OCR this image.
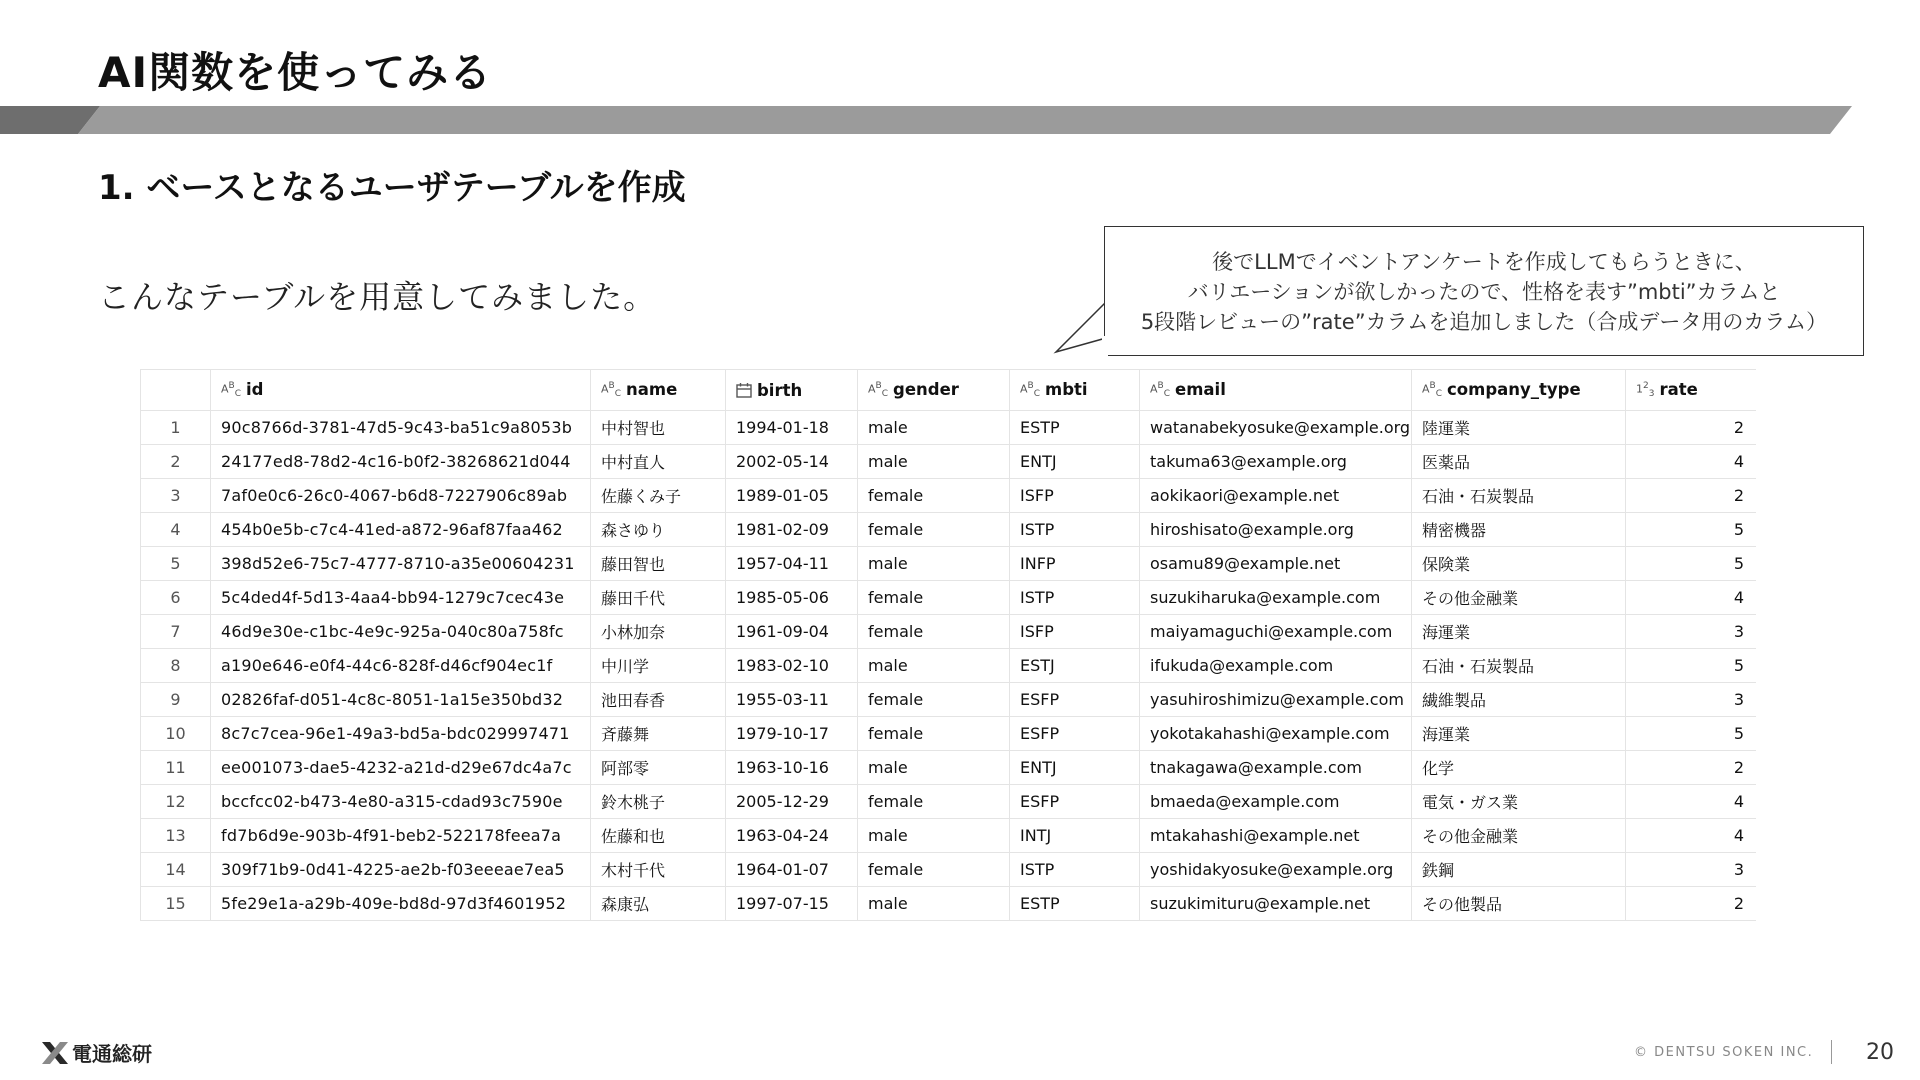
AI関数を使ってみる
1. ベースとなるユーザテーブルを作成
こんなテーブルを用意してみました。
後でLLMでイベントアンケートを作成してもらうときに、
バリエーションが欲しかったので、性格を表す”mbti”カラムと
5段階レビューの”rate”カラムを追加しました（合成データ用のカラム）
	$A^B_C$ id	$A^B_C$ name	birth	$A^B_C$ gender	$A^B_C$ mbti	$A^B_C$ email	$A^B_C$ company_type	$1^2_3$ rate
1	90c8766d-3781-47d5-9c43-ba51c9a8053b	中村智也	1994-01-18	male	ESTP	watanabekyosuke@example.org	陸運業	2
2	24177ed8-78d2-4c16-b0f2-38268621d044	中村直人	2002-05-14	male	ENTJ	takuma63@example.org	医薬品	4
3	7af0e0c6-26c0-4067-b6d8-7227906c89ab	佐藤くみ子	1989-01-05	female	ISFP	aokikaori@example.net	石油・石炭製品	2
4	454b0e5b-c7c4-41ed-a872-96af87faa462	森さゆり	1981-02-09	female	ISTP	hiroshisato@example.org	精密機器	5
5	398d52e6-75c7-4777-8710-a35e00604231	藤田智也	1957-04-11	male	INFP	osamu89@example.net	保険業	5
6	5c4ded4f-5d13-4aa4-bb94-1279c7cec43e	藤田千代	1985-05-06	female	ISTP	suzukiharuka@example.com	その他金融業	4
7	46d9e30e-c1bc-4e9c-925a-040c80a758fc	小林加奈	1961-09-04	female	ISFP	maiyamaguchi@example.com	海運業	3
8	a190e646-e0f4-44c6-828f-d46cf904ec1f	中川学	1983-02-10	male	ESTJ	ifukuda@example.com	石油・石炭製品	5
9	02826faf-d051-4c8c-8051-1a15e350bd32	池田春香	1955-03-11	female	ESFP	yasuhiroshimizu@example.com	繊維製品	3
10	8c7c7cea-96e1-49a3-bd5a-bdc029997471	斉藤舞	1979-10-17	female	ESFP	yokotakahashi@example.com	海運業	5
11	ee001073-dae5-4232-a21d-d29e67dc4a7c	阿部零	1963-10-16	male	ENTJ	tnakagawa@example.com	化学	2
12	bccfcc02-b473-4e80-a315-cdad93c7590e	鈴木桃子	2005-12-29	female	ESFP	bmaeda@example.com	電気・ガス業	4
13	fd7b6d9e-903b-4f91-beb2-522178feea7a	佐藤和也	1963-04-24	male	INTJ	mtakahashi@example.net	その他金融業	4
14	309f71b9-0d41-4225-ae2b-f03eeeae7ea5	木村千代	1964-01-07	female	ISTP	yoshidakyosuke@example.org	鉄鋼	3
15	5fe29e1a-a29b-409e-bd8d-97d3f4601952	森康弘	1997-07-15	male	ESTP	suzukimituru@example.net	その他製品	2
電通総研	© DENTSU SOKEN INC. 20
